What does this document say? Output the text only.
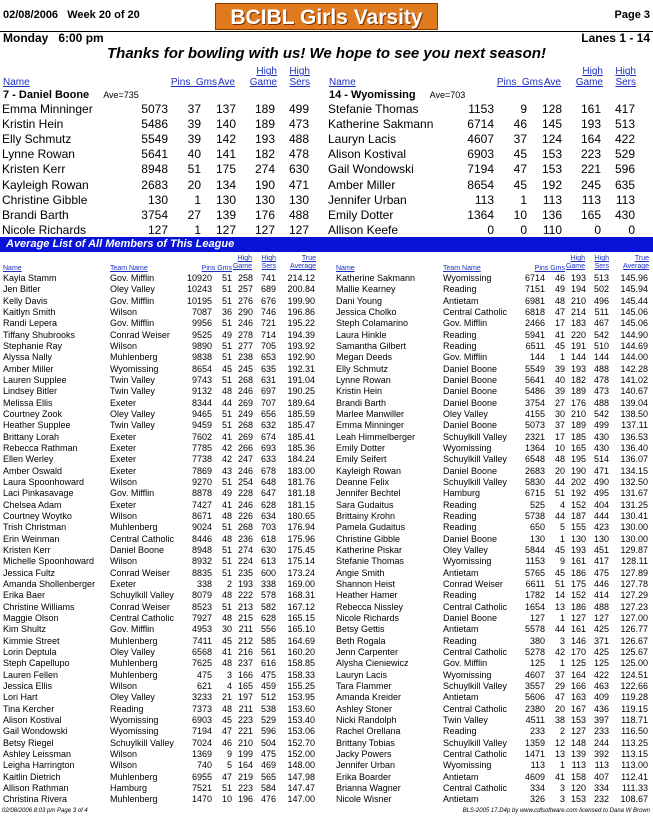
02/08/2006 Week 20 of 20	BCIBL Girls Varsity	Page 3
Monday   6:00 pm	Lanes 1 - 14
Thanks for bowling with us! We hope to see you next season!
Name	Pins  Gms Ave
High
Game
High
Sers
7 - Daniel Boone Ave=735
Emma Minninger	5073 37 137 189 499
Kristin Hein	5486 39 140 189 473
Elly Schmutz	5549 39 142 193 488
Lynne Rowan	5641 40 141 182 478
Kristen Kerr	8948 51 175 274 630
Kayleigh Rowan	2683 20 134 190 471
Christine Gibble	130 1 130 130 130
Brandi Barth	3754 27 139 176 488
Nicole Richards	127 1 127 127 127
Name	Pins  Gms Ave
High
Game
High
Sers
14 - Wyomissing Ave=703
Stefanie Thomas	1153 9 128 161 417
Katherine Sakmann	6714 46 145 193 513
Lauryn Lacis	4607 37 124 164 422
Alison Kostival	6903 45 153 223 529
Gail Wondowski	7194 47 153 221 596
Amber Miller	8654 45 192 245 635
Jennifer Urban	113 1 113 113 113
Emily Dotter	1364 10 136 165 430
Allison Keefe	0 0 110	0 0
Average List of All Members of This League
Name	Team Name	Pins Gms
High
Game
High
Sers
True
Average
Kayla Stamm	Gov. Mifflin	10920 51 258 741 214.12
Jen Bitler	Oley Valley	10243 51 257 689 200.84
Kelly Davis	Gov. Mifflin	10195 51 276 676 199.90
Kaitlyn Smith	Wilson	7087 36 290 746 196.86
Randi Lepera	Gov. Mifflin	9956 51 246 721 195.22
Tiffany Shubrooks	Conrad Weiser 9525 49 278 714 194.39
Stephanie Ray	Wilson	9890 51 277 705 193.92
Alyssa Nally	Muhlenberg	9838 51 238 653 192.90
Amber Miller	Wyomissing	8654 45 245 635 192.31
Lauren Supplee	Twin Valley	9743 51 268 631 191.04
Lindsey Bitler	Twin Valley	9132 48 246 697 190.25
Melissa Ellis	Exeter	8344 44 269 707 189.64
Courtney Zook	Oley Valley	9465 51 249 656 185.59
Heather Supplee	Twin Valley	9459 51 268 632 185.47
Brittany Lorah	Exeter	7602 41 269 674 185.41
Rebecca Rathman	Exeter	7785 42 266 693 185.36
Ellen Werley	Exeter	7738 42 247 633 184.24
Amber Oswald	Exeter	7869 43 246 678 183.00
Laura Spoonhoward	Wilson	9270 51 254 648 181.76
Laci Pinkasavage	Gov. Mifflin	8878 49 228 647 181.18
Chelsea Adam	Exeter	7427 41 246 628 181.15
Courtney Woytko	Wilson	8671 48 226 634 180.65
Trish Christman	Muhlenberg	9024 51 268 703 176.94
Erin Weinman	Central Catholic 8446 48 236 618 175.96
Kristen Kerr	Daniel Boone	8948 51 274 630 175.45
Michelle Spoonhoward Wilson	8932 51 224 613 175.14
Jessica Fultz	Conrad Weiser 8835 51 235 600 173.24
Amanda Shollenberger Exeter	338 2 193 338 169.00
Erika Baer	Schuylkill Valley 8079 48 222 578 168.31
Christine Williams	Conrad Weiser 8523 51 213 582 167.12
Maggie Olson	Central Catholic 7927 48 215 628 165.15
Kim Shultz	Gov. Mifflin	4953 30 211 556 165.10
Kimmie Street	Muhlenberg	7411 45 212 585 164.69
Lorin Deptula	Oley Valley	6568 41 216 561 160.20
Steph Capellupo	Muhlenberg	7625 48 237 616 158.85
Lauren Fellen	Muhlenberg	475 3 166 475 158.33
Jessica Ellis	Wilson	621 4 165 459 155.25
Lori Hart	Oley Valley	3233 21 197 512 153.95
Tina Kercher	Reading	7373 48 211 538 153.60
Alison Kostival	Wyomissing	6903 45 223 529 153.40
Gail Wondowski	Wyomissing	7194 47 221 596 153.06
Betsy Riegel	Schuylkill Valley 7024 46 210 504 152.70
Ashley Leissman	Wilson	1369 9 199 475 152.00
Leigha Harrington	Wilson	740 5 164 469 148.00
Kaitlin Dietrich	Muhlenberg	6955 47 219 565 147.98
Allison Rathman	Hamburg	7521 51 223 584 147.47
Christina Rivera	Muhlenberg	1470 10 196 476 147.00
Name	Team Name	Pins Gms
High
Game
High
Sers
True
Average
Katherine Sakmann	Wyomissing	6714 46 193 513 145.96
Mallie Kearney	Reading	7151 49 194 502 145.94
Dani Young	Antietam	6981 48 210 496 145.44
Jessica Cholko	Central Catholic 6818 47 214 511 145.06
Steph Colamarino	Gov. Mifflin	2466 17 183 467 145.06
Laura Hinkle	Reading	5941 41 220 542 144.90
Samantha Gilbert	Reading	6511 45 191 510 144.69
Megan Deeds	Gov. Mifflin	144 1 144 144 144.00
Elly Schmutz	Daniel Boone	5549 39 193 488 142.28
Lynne Rowan	Daniel Boone	5641 40 182 478 141.02
Kristin Hein	Daniel Boone	5486 39 189 473 140.67
Brandi Barth	Daniel Boone	3754 27 176 488 139.04
Marlee Manwiller	Oley Valley	4155 30 210 542 138.50
Emma Minninger	Daniel Boone	5073 37 189 499 137.11
Leah Himmelberger	Schuylkill Valley 2321 17 185 430 136.53
Emily Dotter	Wyomissing	1364 10 165 430 136.40
Emily Seifert	Schuylkill Valley 6548 48 195 514 136.07
Kayleigh Rowan	Daniel Boone	2683 20 190 471 134.15
Deanne Felix	Schuylkill Valley 5830 44 202 490 132.50
Jennifer Bechtel	Hamburg	6715 51 192 495 131.67
Sara Gudaitus	Reading	525 4 152 404 131.25
Brittainy Krohn	Reading	5738 44 187 444 130.41
Pamela Gudaitus	Reading	650 5 155 423 130.00
Christine Gibble	Daniel Boone	130 1 130 130 130.00
Katherine Piskar	Oley Valley	5844 45 193 451 129.87
Stefanie Thomas	Wyomissing	1153 9 161 417 128.11
Angie Smith	Antietam	5765 45 186 475 127.89
Shannon Heist	Conrad Weiser	6611 51 175 446 127.78
Heather Hamer	Reading	1782 14 152 414 127.29
Rebecca Nissley	Central Catholic 1654 13 186 488 127.23
Nicole Richards	Daniel Boone	127 1 127 127 127.00
Betsy Gettis	Antietam	5578 44 161 425 126.77
Beth Rogala	Reading	380 3 146 371 126.67
Jenn Carpenter	Central Catholic 5278 42 170 425 125.67
Alysha Cieniewicz	Gov. Mifflin	125 1 125 125 125.00
Lauryn Lacis	Wyomissing	4607 37 164 422 124.51
Tara Flammer	Schuylkill Valley 3557 29 166 463 122.66
Amanda Kreider	Antietam	5606 47 163 409 119.28
Ashley Stoner	Central Catholic 2380 20 167 436 119.15
Nicki Randolph	Twin Valley	4511 38 153 397 118.71
Rachel Orellana	Reading	233 2 127 233 116.50
Brittany Tobias	Schuylkill Valley 1359 12 148 244 113.25
Jacky Powers	Central Catholic 1471 13 139 392 113.15
Jennifer Urban	Wyomissing	113 1 113 113 113.00
Erika Boarder	Antietam	4609 41 158 407 112.41
Brianna Wagner	Central Catholic	334 3 120 334 111.33
Nicole Wisner	Antietam	326 3 153 232 108.67
02/08/2006 8:03 pm Page 3 of 4	BLS-2005 17.D4p by www.cdlsoftware.com licensed to Dana W Brown
